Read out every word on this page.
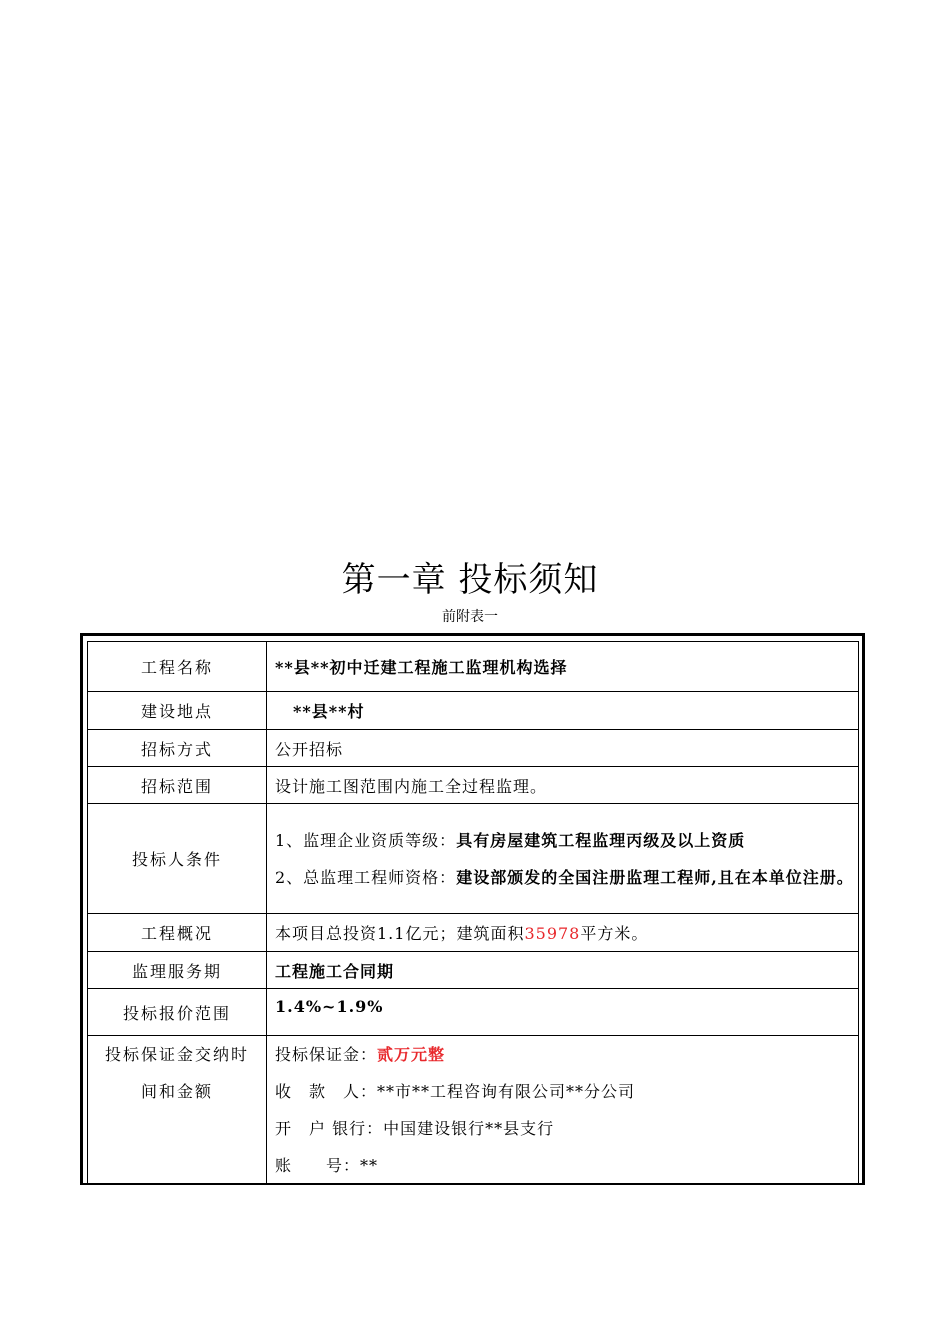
第一章 投标须知
前附表一
工程名称	**县**初中迁建工程施工监理机构选择
建设地点	**县**村
招标方式	公开招标
招标范围	设计施工图范围内施工全过程监理。
投标人条件	1、监理企业资质等级：具有房屋建筑工程监理丙级及以上资质
2、总监理工程师资格：建设部颁发的全国注册监理工程师,且在本单位注册。

工程概况	本项目总投资1.1亿元；建筑面积35978平方米。
监理服务期	工程施工合同期
投标报价范围	1.4%~1.9%

投标保证金交纳时
间和金额	投标保证金：贰万元整
收　款　人：**市**工程咨询有限公司**分公司
开　户 银行：中国建设银行**县支行
账　　号：**
